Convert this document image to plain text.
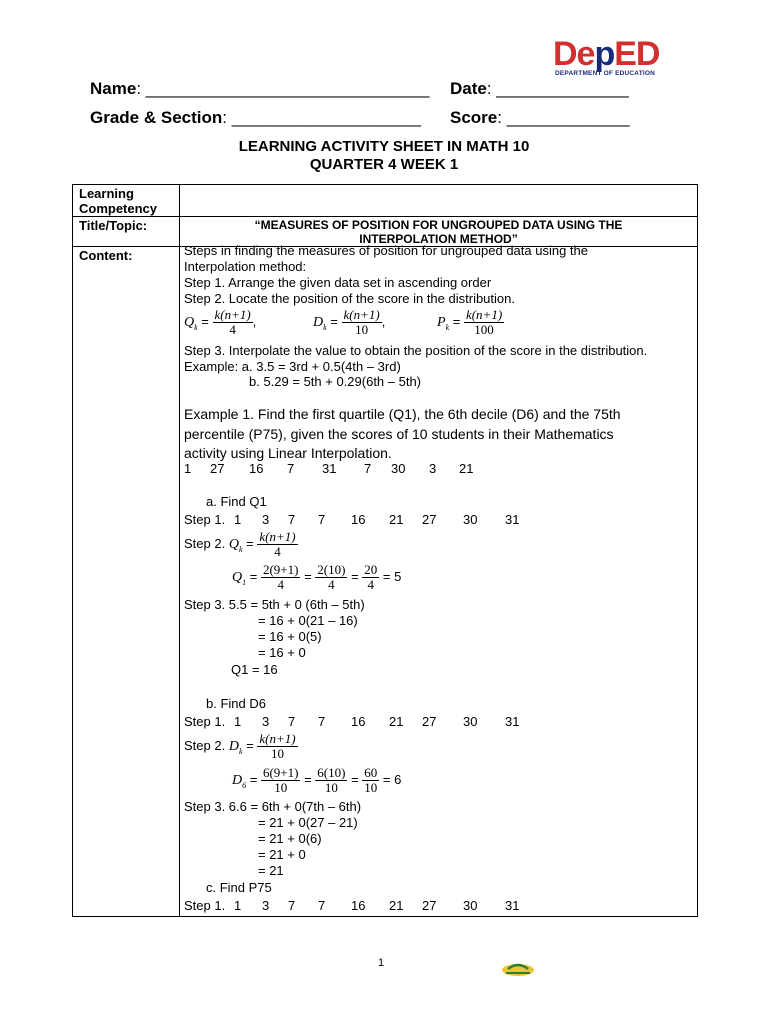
DepED
DEPARTMENT OF EDUCATION
Name: ______________________________ Date: ______________
Grade & Section: ____________________ Score: _____________
LEARNING ACTIVITY SHEET IN MATH 10
QUARTER 4 WEEK 1
Learning Competency	

Title/Topic:	“MEASURES OF POSITION FOR UNGROUPED DATA USING THE
INTERPOLATION METHOD”

Content:	
		Steps in finding the measures of position for ungrouped data using the
Interpolation method:
Step 1. Arrange the given data set in ascending order
Step 2. Locate the position of the score in the distribution.
$Q_k = \frac{k(n+1)}{4}$ ,	$D_k = \frac{k(n+1)}{10}$ ,	$P_k = \frac{k(n+1)}{100}$
Step 3. Interpolate the value to obtain the position of the score in the distribution.
Example: a. 3.5 = 3rd + 0.5(4th – 3rd)
b. 5.29 = 5th + 0.29(6th – 5th)
Example 1. Find the first quartile (Q1), the 6th decile (D6) and the 75th
percentile (P75), given the scores of 10 students in their Mathematics
activity using Linear Interpolation.
1 27 16 7 31 7 30 3 21
a. Find Q1
Step 1. 1 3 7 7 16 21 27 30 31
Step 2. $Q_k = \frac{k(n+1)}{4}$
$Q_1 = \frac{2(9+1)}{4} = \frac{2(10)}{4} = \frac{20}{4} = 5$
Step 3. 5.5 = 5th + 0 (6th – 5th)
= 16 + 0(21 – 16)
= 16 + 0(5)
= 16 + 0
Q1 = 16
b. Find D6
Step 1. 1 3 7 7 16 21 27 30 31
Step 2. $D_k = \frac{k(n+1)}{10}$
$D_6 = \frac{6(9+1)}{10} = \frac{6(10)}{10} = \frac{60}{10} = 6$
Step 3. 6.6 = 6th + 0(7th – 6th)
= 21 + 0(27 – 21)
= 21 + 0(6)
= 21 + 0
= 21
c. Find P75
Step 1. 1 3 7 7 16 21 27 30 31
1
